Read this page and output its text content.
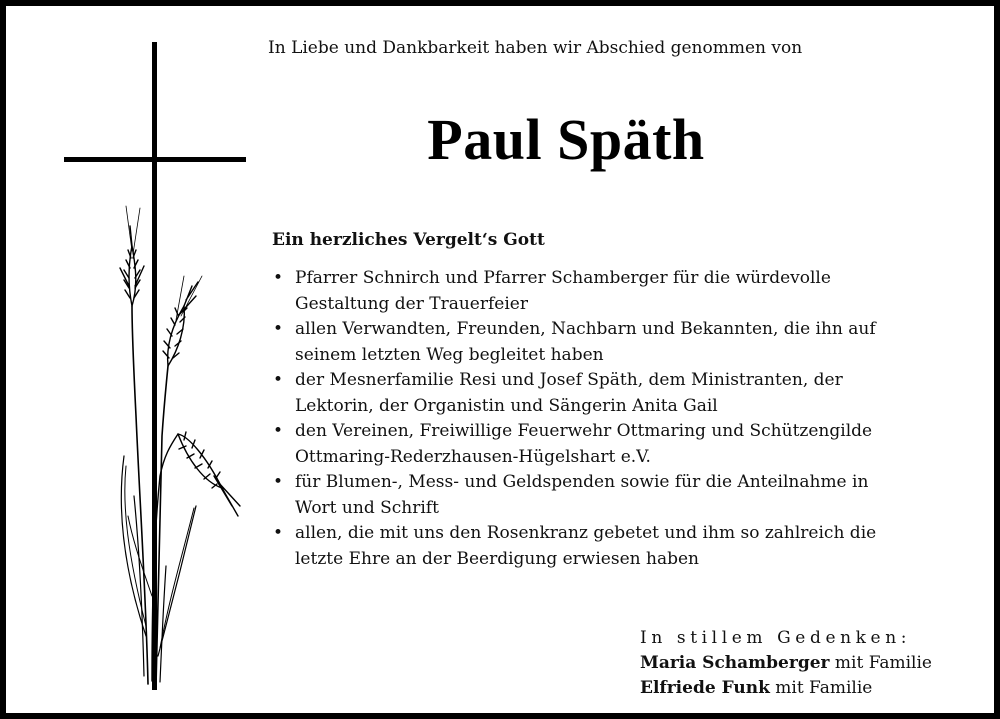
In Liebe und Dankbarkeit haben wir Abschied genommen von
Paul Späth
Ein herzliches Vergelt‘s Gott
• Pfarrer Schnirch und Pfarrer Schamberger für die würdevolle
Gestaltung der Trauerfeier
• allen Verwandten, Freunden, Nachbarn und Bekannten, die ihn auf
seinem letzten Weg begleitet haben
• der Mesnerfamilie Resi und Josef Späth, dem Ministranten, der
Lektorin, der Organistin und Sängerin Anita Gail
• den Vereinen, Freiwillige Feuerwehr Ottmaring und Schützengilde
Ottmaring-Rederzhausen-Hügelshart e.V.
• für Blumen-, Mess- und Geldspenden sowie für die Anteilnahme in
Wort und Schrift
• allen, die mit uns den Rosenkranz gebetet und ihm so zahlreich die
letzte Ehre an der Beerdigung erwiesen haben
In stillem Gedenken:
Maria Schamberger mit Familie
Elfriede Funk mit Familie
